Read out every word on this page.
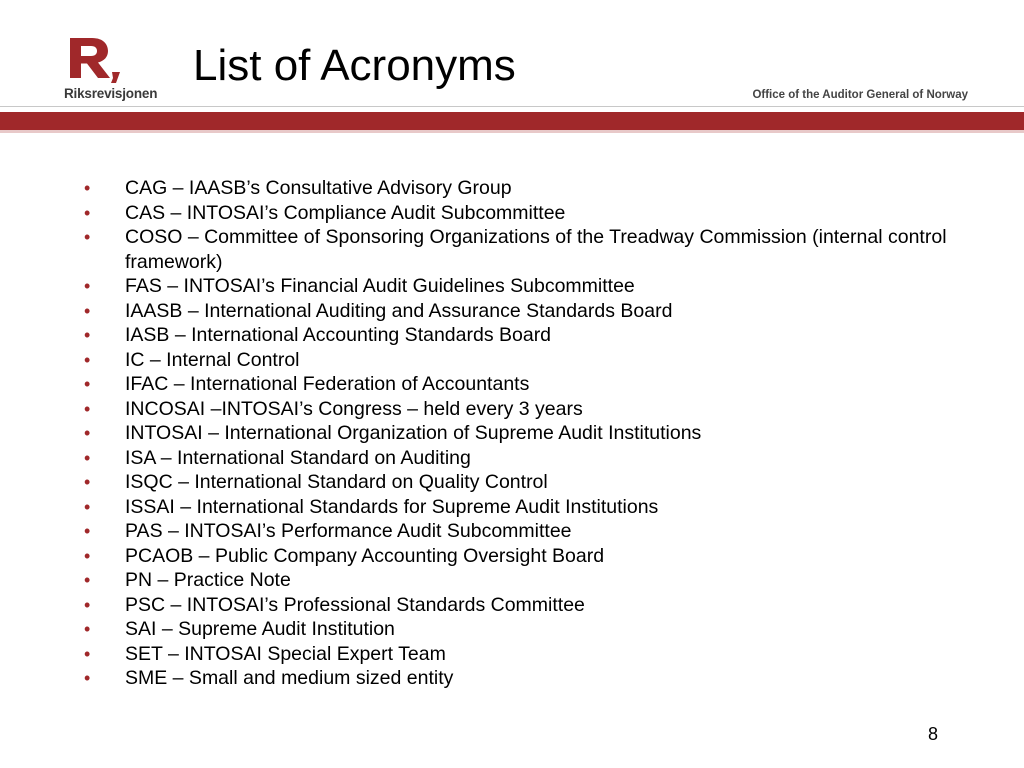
Riksrevisjonen
List of Acronyms
Office of the Auditor General of Norway
• CAG – IAASB’s Consultative Advisory Group
• CAS – INTOSAI’s Compliance Audit Subcommittee
• COSO – Committee of Sponsoring Organizations of the Treadway Commission (internal control framework)
• FAS – INTOSAI’s Financial Audit Guidelines Subcommittee
• IAASB – International Auditing and Assurance Standards Board
• IASB – International Accounting Standards Board
• IC – Internal Control
• IFAC – International Federation of Accountants
• INCOSAI –INTOSAI’s Congress – held every 3 years
• INTOSAI – International Organization of Supreme Audit Institutions
• ISA – International Standard on Auditing
• ISQC – International Standard on Quality Control
• ISSAI – International Standards for Supreme Audit Institutions
• PAS – INTOSAI’s Performance Audit Subcommittee
• PCAOB – Public Company Accounting Oversight Board
• PN – Practice Note
• PSC – INTOSAI’s Professional Standards Committee
• SAI – Supreme Audit Institution
• SET – INTOSAI Special Expert Team
• SME – Small and medium sized entity
8
